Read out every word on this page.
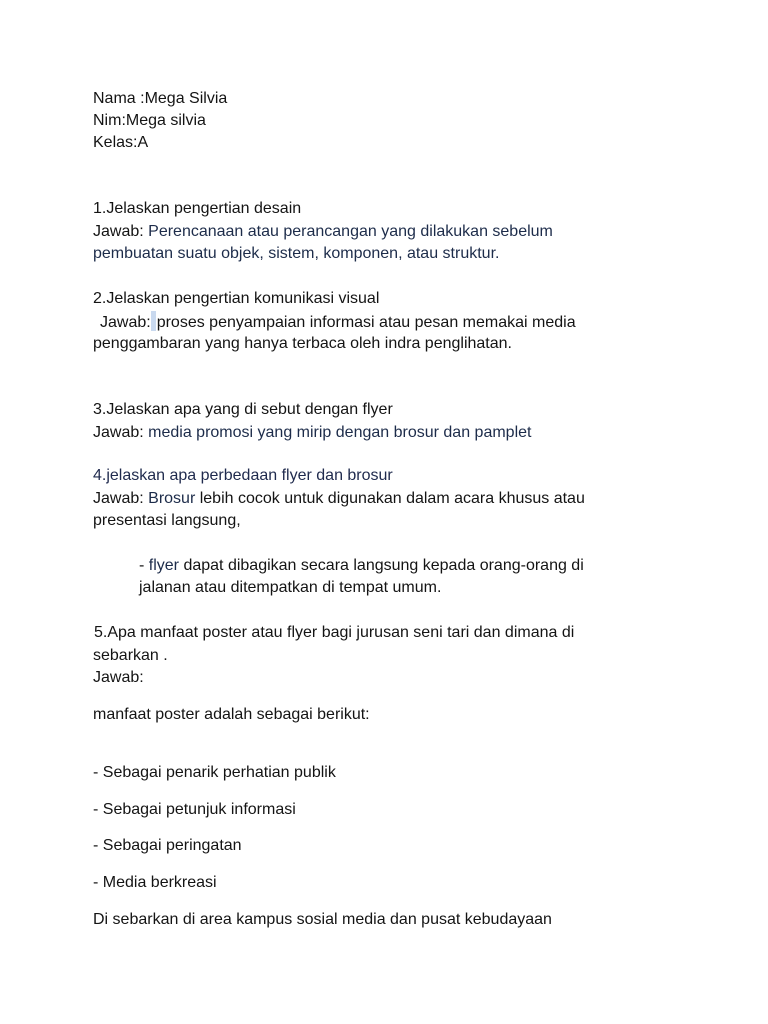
Nama :Mega Silvia
Nim:Mega silvia
Kelas:A
1.Jelaskan pengertian desain
Jawab: Perencanaan atau perancangan yang dilakukan sebelum
pembuatan suatu objek, sistem, komponen, atau struktur.
2.Jelaskan pengertian komunikasi visual
Jawab: proses penyampaian informasi atau pesan memakai media
penggambaran yang hanya terbaca oleh indra penglihatan.
3.Jelaskan apa yang di sebut dengan flyer
Jawab: media promosi yang mirip dengan brosur dan pamplet
4.jelaskan apa perbedaan flyer dan brosur
Jawab: Brosur lebih cocok untuk digunakan dalam acara khusus atau
presentasi langsung,
- flyer dapat dibagikan secara langsung kepada orang-orang di
jalanan atau ditempatkan di tempat umum.
5.Apa manfaat poster atau flyer bagi jurusan seni tari dan dimana di
sebarkan .
Jawab:
manfaat poster adalah sebagai berikut:
- Sebagai penarik perhatian publik
- Sebagai petunjuk informasi
- Sebagai peringatan
- Media berkreasi
Di sebarkan di area kampus sosial media dan pusat kebudayaan
